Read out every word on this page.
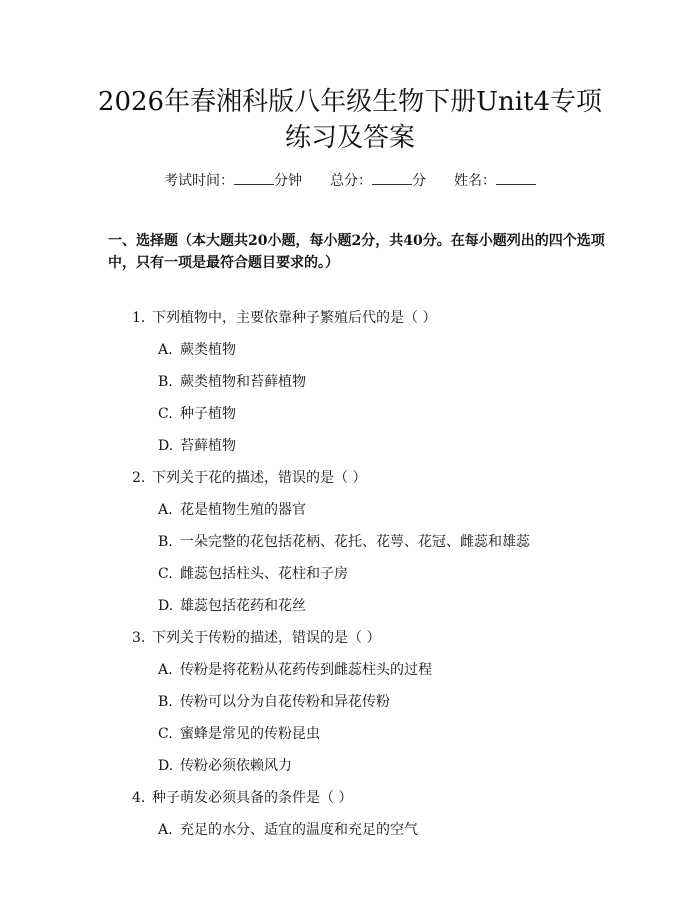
2026年春湘科版八年级生物下册Unit4专项
练习及答案
考试时间：	分钟 总分：	分 姓名：

一、选择题（本大题共20小题，每小题2分，共40分。在每小题列出的四个选项中，只有一项是最符合题目要求的。）

1. 下列植物中，主要依靠种子繁殖后代的是（ ）
A. 蕨类植物
B. 蕨类植物和苔藓植物
C. 种子植物
D. 苔藓植物
2. 下列关于花的描述，错误的是（ ）
A. 花是植物生殖的器官
B. 一朵完整的花包括花柄、花托、花萼、花冠、雌蕊和雄蕊
C. 雌蕊包括柱头、花柱和子房
D. 雄蕊包括花药和花丝
3. 下列关于传粉的描述，错误的是（ ）
A. 传粉是将花粉从花药传到雌蕊柱头的过程
B. 传粉可以分为自花传粉和异花传粉
C. 蜜蜂是常见的传粉昆虫
D. 传粉必须依赖风力
4. 种子萌发必须具备的条件是（ ）
A. 充足的水分、适宜的温度和充足的空气
